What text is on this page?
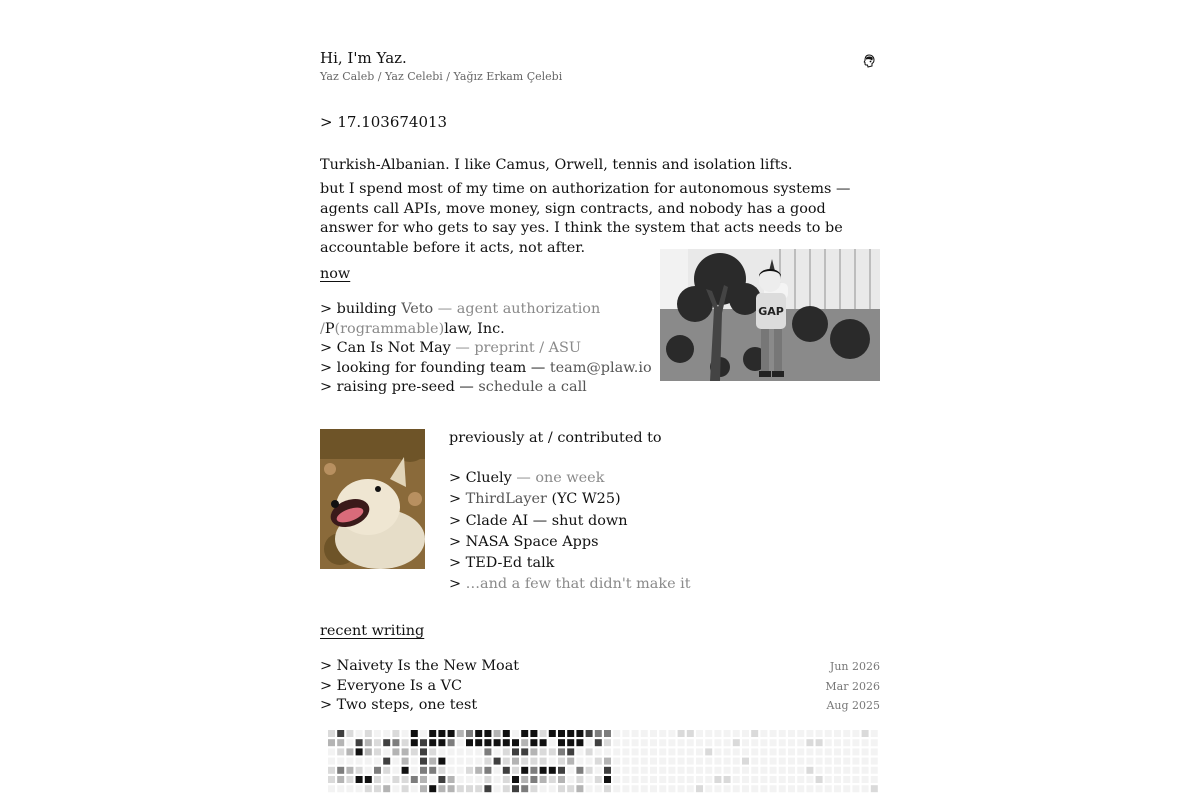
Hi, I'm Yaz.
Yaz Caleb / Yaz Celebi / Yağız Erkam Çelebi
> 17.103674013
Turkish-Albanian. I like Camus, Orwell, tennis and isolation lifts.
but I spend most of my time on authorization for autonomous systems — agents call APIs, move money, sign contracts, and nobody has a good answer for who gets to say yes. I think the system that acts needs to be accountable before it acts, not after.
now
> building Veto — agent authorization
/P(rogrammable)law, Inc.
> Can Is Not May — preprint / ASU
> looking for founding team — team@plaw.io
> raising pre-seed — schedule a call
GAP
previously at / contributed to
> Cluely — one week
> ThirdLayer (YC W25)
> Clade AI — shut down
> NASA Space Apps
> TED-Ed talk
> …and a few that didn't make it
recent writing
> Naivety Is the New Moat	Jun 2026
> Everyone Is a VC	Mar 2026
> Two steps, one test	Aug 2025
